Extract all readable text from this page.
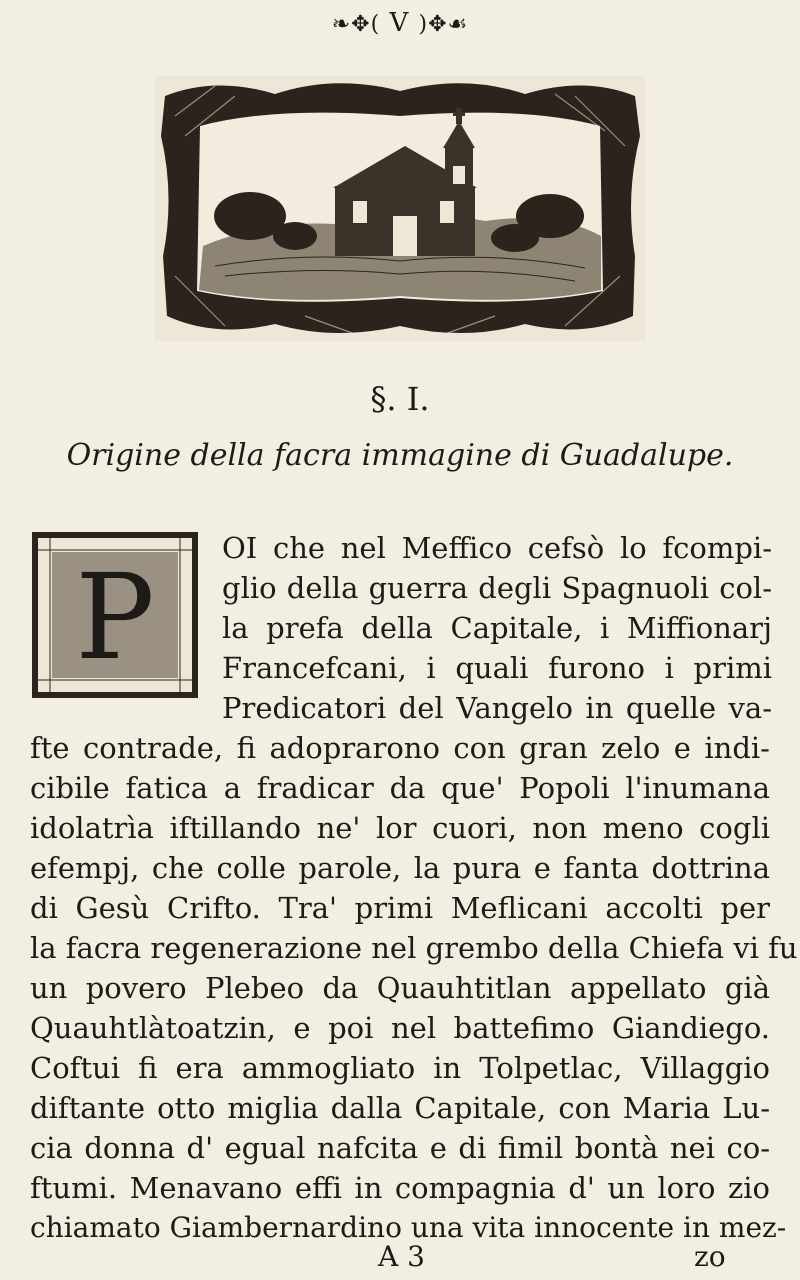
❧✥( V )✥☙
§. I.
Origine della facra immagine di Guadalupe.
P OI che nel Meffico cefsò lo fcompi-
glio della guerra degli Spagnuoli col-
la prefa della Capitale, i Miffionarj
Francefcani, i quali furono i primi
Predicatori del Vangelo in quelle va-
fte contrade, fi adoprarono con gran zelo e indi-
cibile fatica a fradicar da que' Popoli l'inumana
idolatrìa iftillando ne' lor cuori, non meno cogli
efempj, che colle parole, la pura e fanta dottrina
di Gesù Crifto. Tra' primi Meflicani accolti per
la facra regenerazione nel grembo della Chiefa vi fu
un povero Plebeo da Quauhtitlan appellato già
Quauhtlàtoatzin, e poi nel battefimo Giandiego.
Coftui fi era ammogliato in Tolpetlac, Villaggio
diftante otto miglia dalla Capitale, con Maria Lu-
cia donna d' egual nafcita e di fimil bontà nei co-
ftumi. Menavano effi in compagnia d' un loro zio
chiamato Giambernardino una vita innocente in mez-
A 3	zo
